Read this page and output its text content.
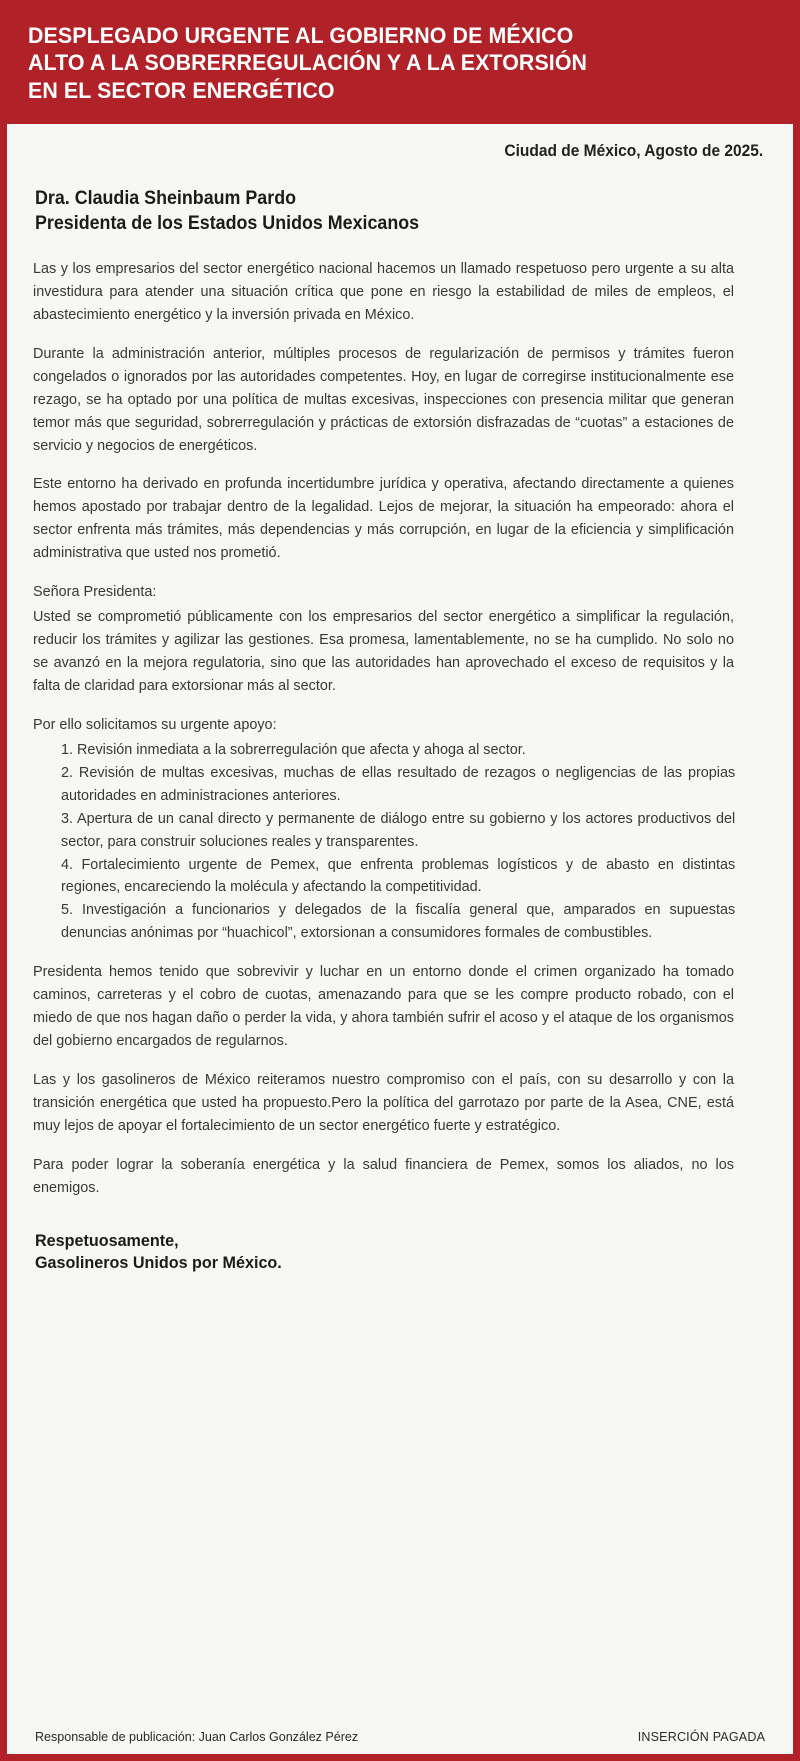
DESPLEGADO URGENTE AL GOBIERNO DE MÉXICO
ALTO A LA SOBRERREGULACIÓN Y A LA EXTORSIÓN
EN EL SECTOR ENERGÉTICO
Ciudad de México, Agosto de 2025.
Dra. Claudia Sheinbaum Pardo
Presidenta de los Estados Unidos Mexicanos

Las y los empresarios del sector energético nacional hacemos un llamado respetuoso pero urgente a su alta investidura para atender una situación crítica que pone en riesgo la estabilidad de miles de empleos, el abastecimiento energético y la inversión privada en México.

Durante la administración anterior, múltiples procesos de regularización de permisos y trámites fueron congelados o ignorados por las autoridades competentes. Hoy, en lugar de corregirse institucionalmente ese rezago, se ha optado por una política de multas excesivas, inspecciones con presencia militar que generan temor más que seguridad, sobrerregulación y prácticas de extorsión disfrazadas de “cuotas” a estaciones de servicio y negocios de energéticos.

Este entorno ha derivado en profunda incertidumbre jurídica y operativa, afectando directamente a quienes hemos apostado por trabajar dentro de la legalidad. Lejos de mejorar, la situación ha empeorado: ahora el sector enfrenta más trámites, más dependencias y más corrupción, en lugar de la eficiencia y simplificación administrativa que usted nos prometió.

Señora Presidenta:

Usted se comprometió públicamente con los empresarios del sector energético a simplificar la regulación, reducir los trámites y agilizar las gestiones. Esa promesa, lamentablemente, no se ha cumplido. No solo no se avanzó en la mejora regulatoria, sino que las autoridades han aprovechado el exceso de requisitos y la falta de claridad para extorsionar más al sector.

Por ello solicitamos su urgente apoyo:

1. Revisión inmediata a la sobrerregulación que afecta y ahoga al sector.
2. Revisión de multas excesivas, muchas de ellas resultado de rezagos o negligencias de las propias autoridades en administraciones anteriores.
3. Apertura de un canal directo y permanente de diálogo entre su gobierno y los actores productivos del sector, para construir soluciones reales y transparentes.
4. Fortalecimiento urgente de Pemex, que enfrenta problemas logísticos y de abasto en distintas regiones, encareciendo la molécula y afectando la competitividad.
5. Investigación a funcionarios y delegados de la fiscalía general que, amparados en supuestas denuncias anónimas por “huachicol”, extorsionan a consumidores formales de combustibles.

Presidenta hemos tenido que sobrevivir y luchar en un entorno donde el crimen organizado ha tomado caminos, carreteras y el cobro de cuotas, amenazando para que se les compre producto robado, con el miedo de que nos hagan daño o perder la vida, y ahora también sufrir el acoso y el ataque de los organismos del gobierno encargados de regularnos.

Las y los gasolineros de México reiteramos nuestro compromiso con el país, con su desarrollo y con la transición energética que usted ha propuesto.Pero la política del garrotazo por parte de la Asea, CNE, está muy lejos de apoyar el fortalecimiento de un sector energético fuerte y estratégico.

Para poder lograr la soberanía energética y la salud financiera de Pemex, somos los aliados, no los enemigos.

Respetuosamente,
Gasolineros Unidos por México.
Responsable de publicación: Juan Carlos González Pérez	INSERCIÓN PAGADA
